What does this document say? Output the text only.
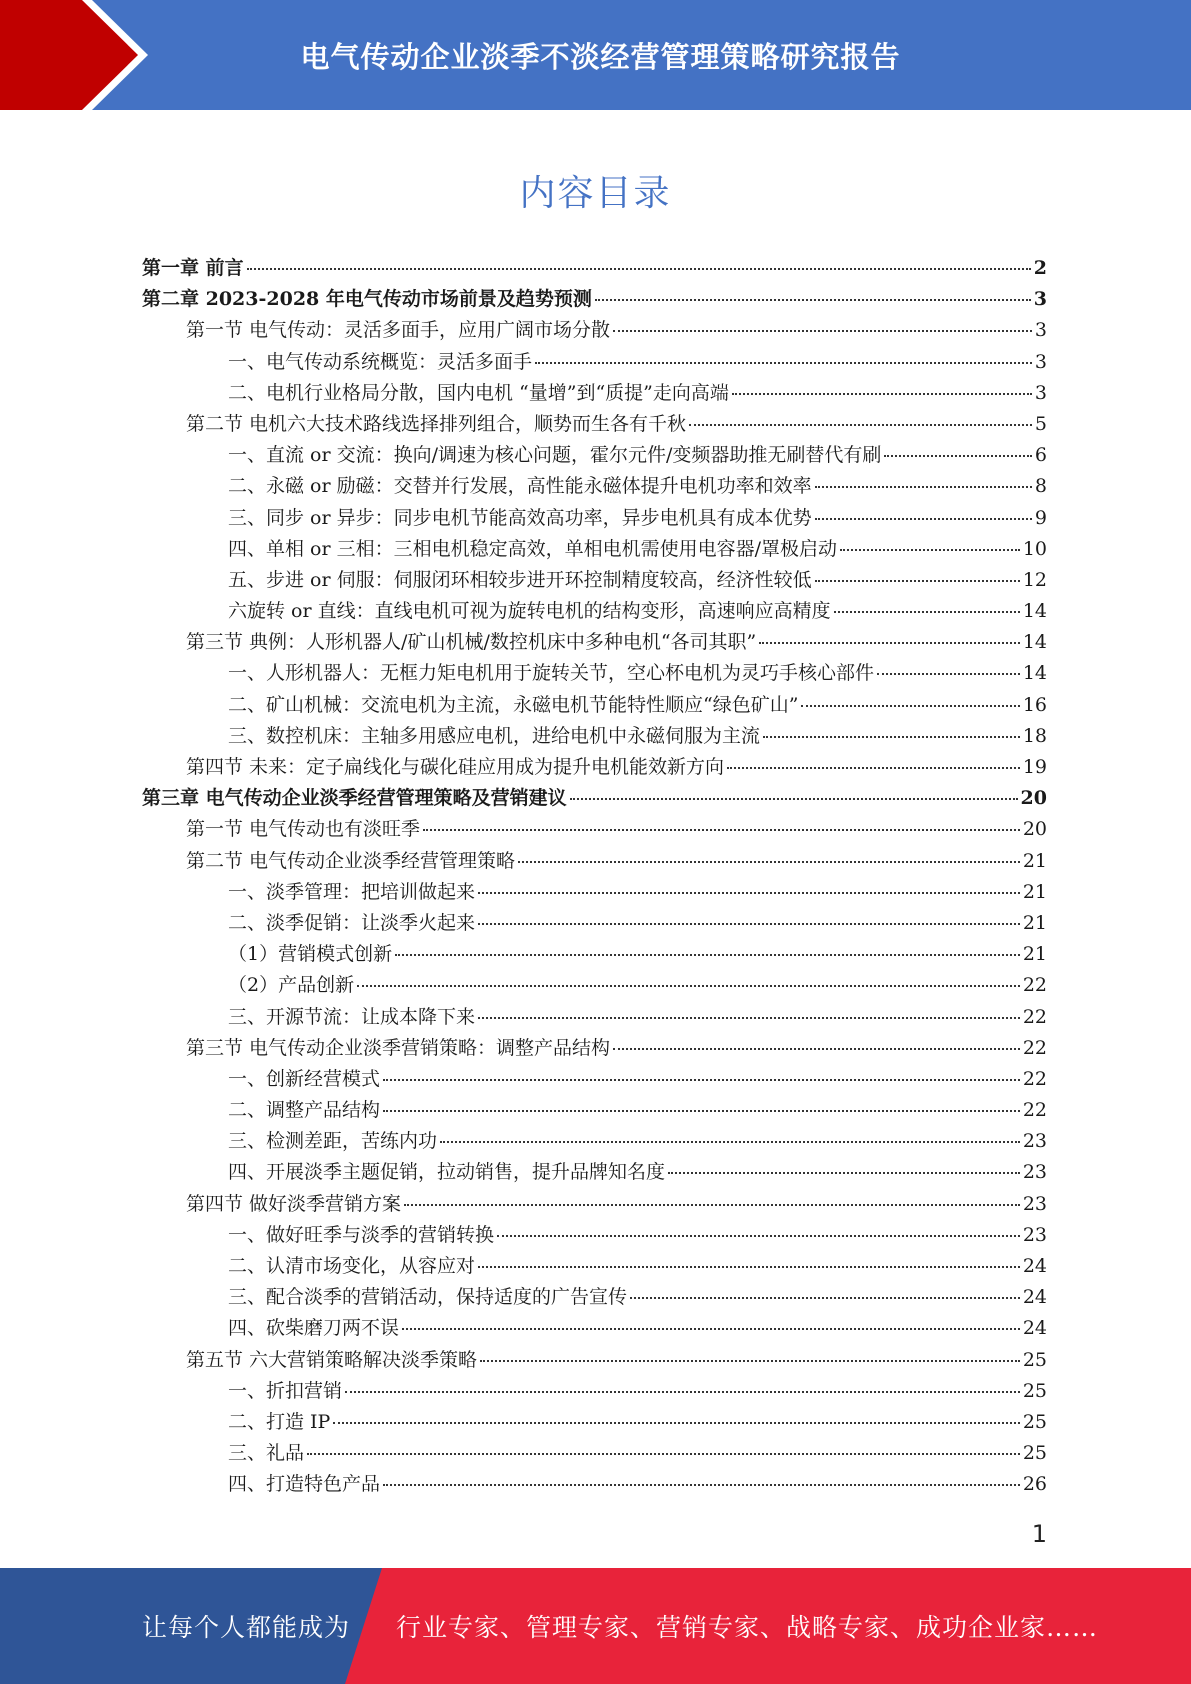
电气传动企业淡季不淡经营管理策略研究报告
内容目录
第一章 前言	2
第二章 2023-2028 年电气传动市场前景及趋势预测	3
第一节 电气传动：灵活多面手，应用广阔市场分散	3
一、电气传动系统概览：灵活多面手	3
二、电机行业格局分散，国内电机 “量增”到“质提”走向高端	3
第二节 电机六大技术路线选择排列组合，顺势而生各有千秋	5
一、直流 or 交流：换向/调速为核心问题，霍尔元件/变频器助推无刷替代有刷	6
二、永磁 or 励磁：交替并行发展，高性能永磁体提升电机功率和效率	8
三、同步 or 异步：同步电机节能高效高功率，异步电机具有成本优势	9
四、单相 or 三相：三相电机稳定高效，单相电机需使用电容器/罩极启动	10
五、步进 or 伺服：伺服闭环相较步进开环控制精度较高，经济性较低	12
六旋转 or 直线：直线电机可视为旋转电机的结构变形，高速响应高精度	14
第三节 典例：人形机器人/矿山机械/数控机床中多种电机“各司其职”	14
一、人形机器人：无框力矩电机用于旋转关节，空心杯电机为灵巧手核心部件	14
二、矿山机械：交流电机为主流，永磁电机节能特性顺应“绿色矿山”	16
三、数控机床：主轴多用感应电机，进给电机中永磁伺服为主流	18
第四节 未来：定子扁线化与碳化硅应用成为提升电机能效新方向	19
第三章 电气传动企业淡季经营管理策略及营销建议	20
第一节 电气传动也有淡旺季	20
第二节 电气传动企业淡季经营管理策略	21
一、淡季管理：把培训做起来	21
二、淡季促销：让淡季火起来	21
（1）营销模式创新	21
（2）产品创新	22
三、开源节流：让成本降下来	22
第三节 电气传动企业淡季营销策略：调整产品结构	22
一、创新经营模式	22
二、调整产品结构	22
三、检测差距，苦练内功	23
四、开展淡季主题促销，拉动销售，提升品牌知名度	23
第四节 做好淡季营销方案	23
一、做好旺季与淡季的营销转换	23
二、认清市场变化，从容应对	24
三、配合淡季的营销活动，保持适度的广告宣传	24
四、砍柴磨刀两不误	24
第五节 六大营销策略解决淡季策略	25
一、折扣营销	25
二、打造 IP	25
三、礼品	25
四、打造特色产品	26
1
让每个人都能成为 行业专家、管理专家、营销专家、战略专家、成功企业家……
